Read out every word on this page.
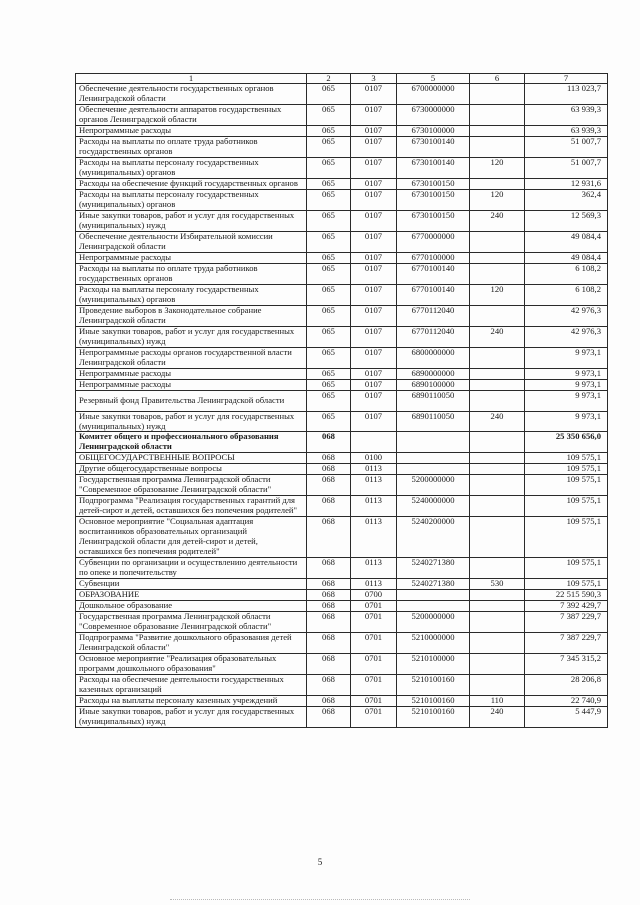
1	2	3	5	6	7
Обеспечение деятельности государственных органов Ленинградской области	065	0107	6700000000		113 023,7
Обеспечение деятельности аппаратов государственных органов Ленинградской области	065	0107	6730000000		63 939,3
Непрограммные расходы	065	0107	6730100000		63 939,3
Расходы на выплаты по оплате труда работников государственных органов	065	0107	6730100140		51 007,7
Расходы на выплаты персоналу государственных (муниципальных) органов	065	0107	6730100140	120	51 007,7
Расходы на обеспечение функций государственных органов	065	0107	6730100150		12 931,6
Расходы на выплаты персоналу государственных (муниципальных) органов	065	0107	6730100150	120	362,4
Иные закупки товаров, работ и услуг для государственных (муниципальных) нужд	065	0107	6730100150	240	12 569,3
Обеспечение деятельности Избирательной комиссии Ленинградской области	065	0107	6770000000		49 084,4
Непрограммные расходы	065	0107	6770100000		49 084,4
Расходы на выплаты по оплате труда работников государственных органов	065	0107	6770100140		6 108,2
Расходы на выплаты персоналу государственных (муниципальных) органов	065	0107	6770100140	120	6 108,2
Проведение выборов в Законодательное собрание Ленинградской области	065	0107	6770112040		42 976,3
Иные закупки товаров, работ и услуг для государственных (муниципальных) нужд	065	0107	6770112040	240	42 976,3
Непрограммные расходы органов государственной власти Ленинградской области	065	0107	6800000000		9 973,1
Непрограммные расходы	065	0107	6890000000		9 973,1
Непрограммные расходы	065	0107	6890100000		9 973,1
Резервный фонд Правительства Ленинградской области	065	0107	6890110050		9 973,1
Иные закупки товаров, работ и услуг для государственных (муниципальных) нужд	065	0107	6890110050	240	9 973,1
Комитет общего и профессионального образования Ленинградской области	068				25 350 656,0
ОБЩЕГОСУДАРСТВЕННЫЕ ВОПРОСЫ	068	0100			109 575,1
Другие общегосударственные вопросы	068	0113			109 575,1
Государственная программа Ленинградской области "Современное образование Ленинградской области"	068	0113	5200000000		109 575,1
Подпрограмма "Реализация государственных гарантий для детей-сирот и детей, оставшихся без попечения родителей"	068	0113	5240000000		109 575,1
Основное мероприятие "Социальная адаптация воспитанников образовательных организаций Ленинградской области для детей-сирот и детей, оставшихся без попечения родителей"	068	0113	5240200000		109 575,1
Субвенции по организации и осуществлению деятельности по опеке и попечительству	068	0113	5240271380		109 575,1
Субвенции	068	0113	5240271380	530	109 575,1
ОБРАЗОВАНИЕ	068	0700			22 515 590,3
Дошкольное образование	068	0701			7 392 429,7
Государственная программа Ленинградской области "Современное образование Ленинградской области"	068	0701	5200000000		7 387 229,7
Подпрограмма "Развитие дошкольного образования детей Ленинградской области"	068	0701	5210000000		7 387 229,7
Основное мероприятие "Реализация образовательных программ дошкольного образования"	068	0701	5210100000		7 345 315,2
Расходы на обеспечение деятельности государственных казенных организаций	068	0701	5210100160		28 206,8
Расходы на выплаты персоналу казенных учреждений	068	0701	5210100160	110	22 740,9
Иные закупки товаров, работ и услуг для государственных (муниципальных) нужд	068	0701	5210100160	240	5 447,9
5
